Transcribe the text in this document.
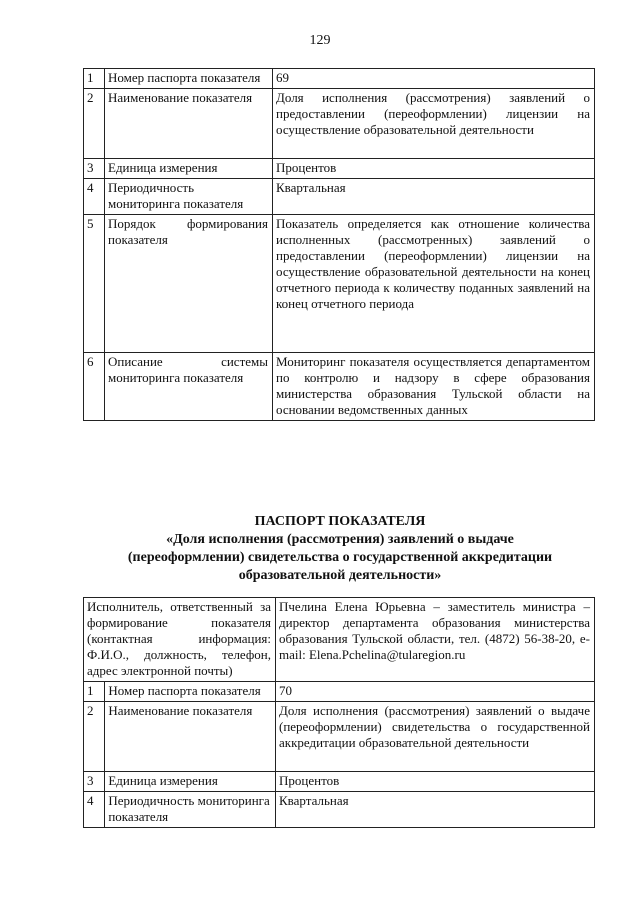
129
1	Номер паспорта показателя	69
2	Наименование показателя	Доля исполнения (рассмотрения) заявлений о предоставлении (переоформлении) лицензии на осуществление образовательной деятельности
3	Единица измерения	Процентов
4	Периодичность мониторинга показателя	Квартальная
5	Порядок формирования показателя	Показатель определяется как отношение количества исполненных (рассмотренных) заявлений о предоставлении (переоформлении) лицензии на осуществление образовательной деятельности на конец отчетного периода к количеству поданных заявлений на конец отчетного периода
6	Описание системы мониторинга показателя	Мониторинг показателя осуществляется департаментом по контролю и надзору в сфере образования министерства образования Тульской области на основании ведомственных данных
ПАСПОРТ ПОКАЗАТЕЛЯ
«Доля исполнения (рассмотрения) заявлений о выдаче
(переоформлении) свидетельства о государственной аккредитации
образовательной деятельности»
Исполнитель, ответственный за формирование показателя (контактная информация: Ф.И.О., должность, телефон, адрес электронной почты)		Пчелина Елена Юрьевна – заместитель министра – директор департамента образования министерства образования Тульской области, тел. (4872) 56-38-20, e-mail: Elena.Pchelina@tularegion.ru
1	Номер паспорта показателя	70
2	Наименование показателя	Доля исполнения (рассмотрения) заявлений о выдаче (переоформлении) свидетельства о государственной аккредитации образовательной деятельности
3	Единица измерения	Процентов
4	Периодичность мониторинга показателя	Квартальная
